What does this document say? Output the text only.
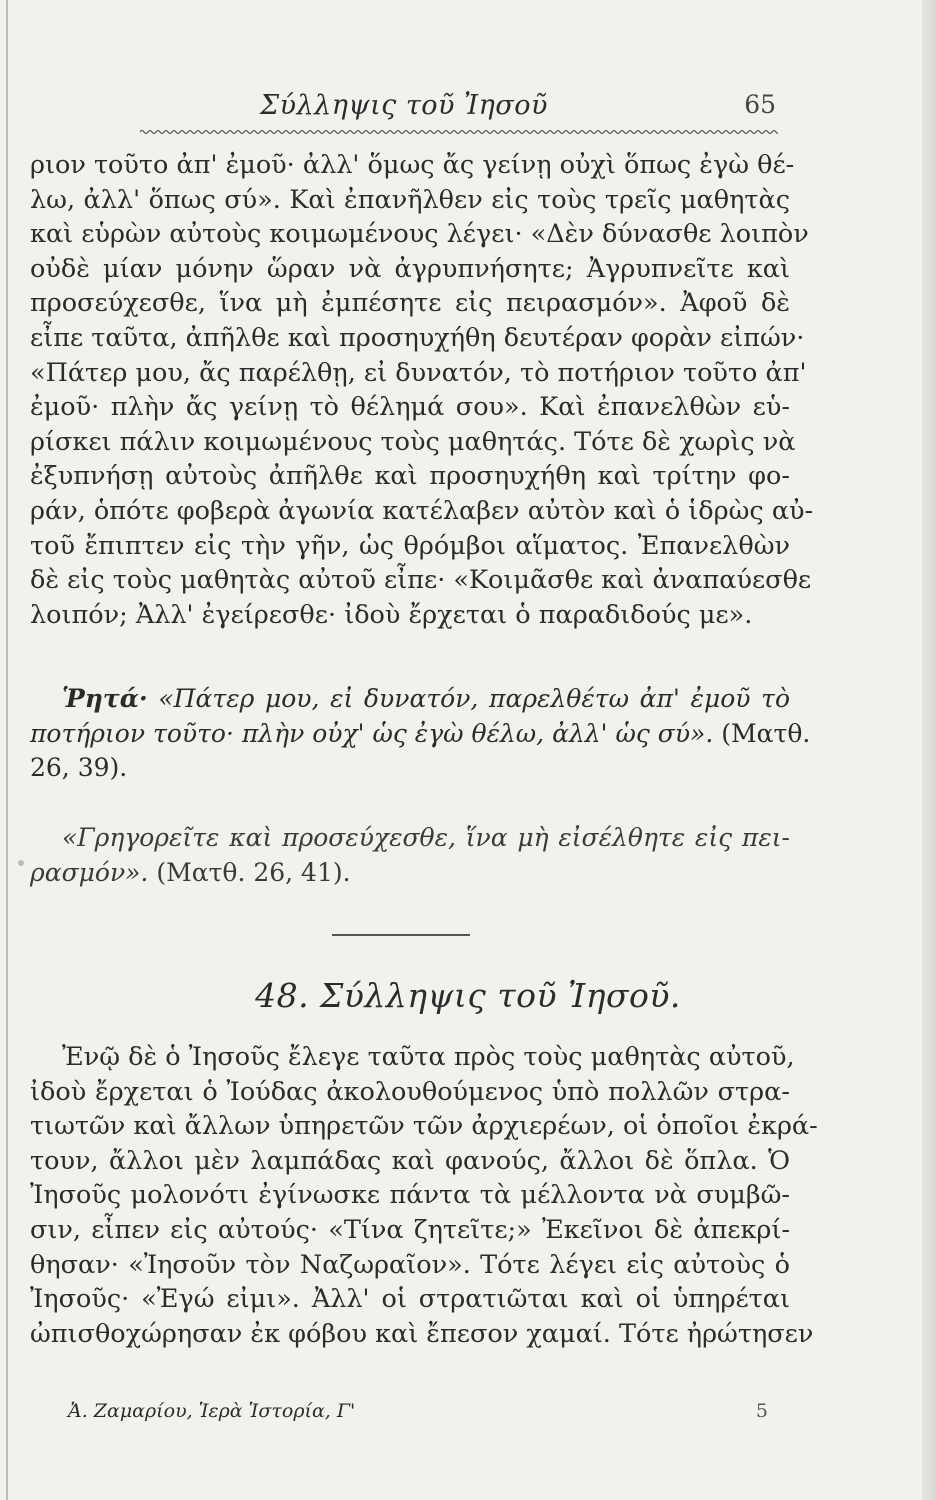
Σύλληψις τοῦ Ἰησοῦ	65
ριον τοῦτο ἀπ' ἐμοῦ· ἀλλ' ὅμως ἄς γείνῃ οὐχὶ ὅπως ἐγὼ θέ-
λω, ἀλλ' ὅπως σύ». Καὶ ἐπανῆλθεν εἰς τοὺς τρεῖς μαθητὰς
καὶ εὑρὼν αὐτοὺς κοιμωμένους λέγει· «Δὲν δύνασθε λοιπὸν
οὐδὲ μίαν μόνην ὥραν νὰ ἀγρυπνήσητε; Ἀγρυπνεῖτε καὶ
προσεύχεσθε, ἵνα μὴ ἐμπέσητε εἰς πειρασμόν». Ἀφοῦ δὲ
εἶπε ταῦτα, ἀπῆλθε καὶ προσηυχήθη δευτέραν φορὰν εἰπών·
«Πάτερ μου, ἄς παρέλθῃ, εἰ δυνατόν, τὸ ποτήριον τοῦτο ἀπ'
ἐμοῦ· πλὴν ἄς γείνῃ τὸ θέλημά σου». Καὶ ἐπανελθὼν εὑ-
ρίσκει πάλιν κοιμωμένους τοὺς μαθητάς. Τότε δὲ χωρὶς νὰ
ἐξυπνήσῃ αὐτοὺς ἀπῆλθε καὶ προσηυχήθη καὶ τρίτην φο-
ράν, ὁπότε φοβερὰ ἀγωνία κατέλαβεν αὐτὸν καὶ ὁ ἱδρὼς αὐ-
τοῦ ἔπιπτεν εἰς τὴν γῆν, ὡς θρόμβοι αἵματος. Ἐπανελθὼν
δὲ εἰς τοὺς μαθητὰς αὐτοῦ εἶπε· «Κοιμᾶσθε καὶ ἀναπαύεσθε
λοιπόν; Ἀλλ' ἐγείρεσθε· ἰδοὺ ἔρχεται ὁ παραδιδούς με».
Ῥητά· «Πάτερ μου, εἰ δυνατόν, παρελθέτω ἀπ' ἐμοῦ τὸ
ποτήριον τοῦτο· πλὴν οὐχ' ὡς ἐγὼ θέλω, ἀλλ' ὡς σύ». (Ματθ.
26, 39).
«Γρηγορεῖτε καὶ προσεύχεσθε, ἵνα μὴ εἰσέλθητε εἰς πει-
ρασμόν». (Ματθ. 26, 41).
48. Σύλληψις τοῦ Ἰησοῦ.
Ἐνῷ δὲ ὁ Ἰησοῦς ἔλεγε ταῦτα πρὸς τοὺς μαθητὰς αὐτοῦ,
ἰδοὺ ἔρχεται ὁ Ἰούδας ἀκολουθούμενος ὑπὸ πολλῶν στρα-
τιωτῶν καὶ ἄλλων ὑπηρετῶν τῶν ἀρχιερέων, οἱ ὁποῖοι ἐκρά-
τουν, ἄλλοι μὲν λαμπάδας καὶ φανούς, ἄλλοι δὲ ὅπλα. Ὁ
Ἰησοῦς μολονότι ἐγίνωσκε πάντα τὰ μέλλοντα νὰ συμβῶ-
σιν, εἶπεν εἰς αὐτούς· «Τίνα ζητεῖτε;» Ἐκεῖνοι δὲ ἀπεκρί-
θησαν· «Ἰησοῦν τὸν Ναζωραῖον». Τότε λέγει εἰς αὐτοὺς ὁ
Ἰησοῦς· «Ἐγώ εἰμι». Ἀλλ' οἱ στρατιῶται καὶ οἱ ὑπηρέται
ὠπισθοχώρησαν ἐκ φόβου καὶ ἔπεσον χαμαί. Τότε ἠρώτησεν
Ἀ. Ζαμαρίου, Ἱερὰ Ἱστορία, Γ'	5
